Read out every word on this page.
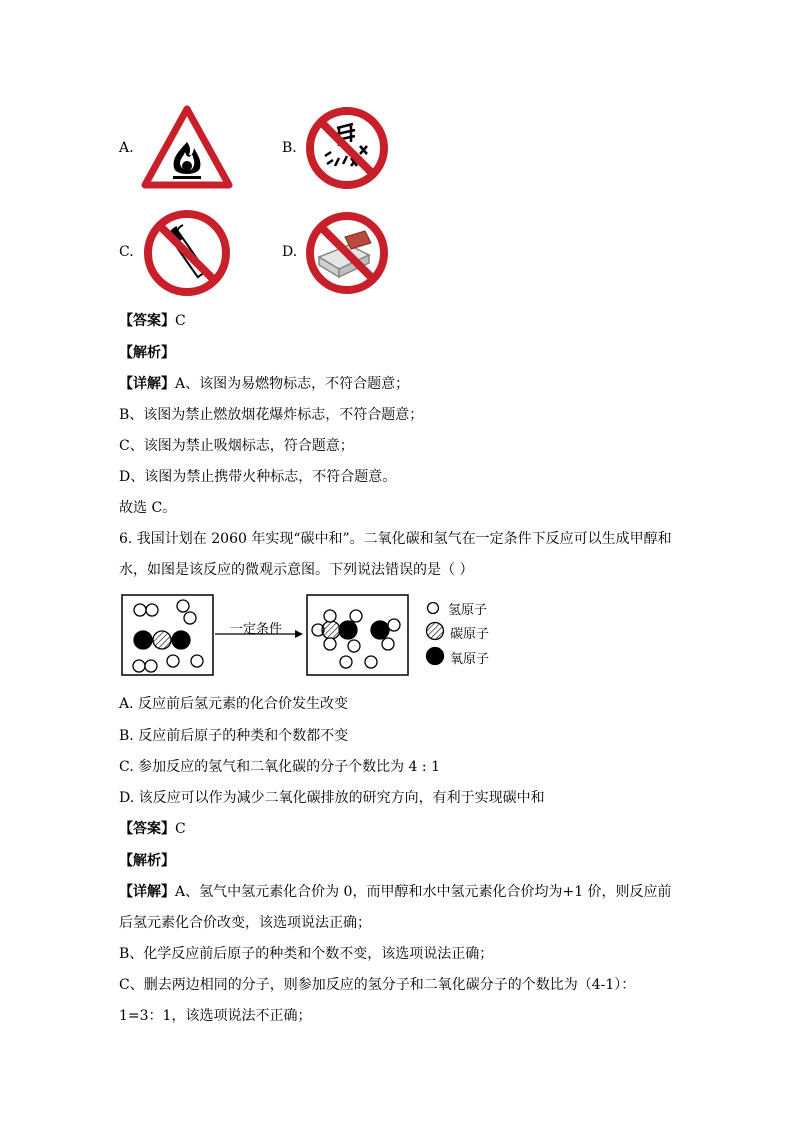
A.	B.
C.	D.
【答案】C
【解析】
【详解】A、该图为易燃物标志，不符合题意；
B、该图为禁止燃放烟花爆炸标志，不符合题意；
C、该图为禁止吸烟标志，符合题意；
D、该图为禁止携带火种标志，不符合题意。
故选 C。
6. 我国计划在 2060 年实现“碳中和”。二氧化碳和氢气在一定条件下反应可以生成甲醇和
水，如图是该反应的微观示意图。下列说法错误的是（ ）
一定条件
氢原子
碳原子
氧原子
A. 反应前后氢元素的化合价发生改变
B. 反应前后原子的种类和个数都不变
C. 参加反应的氢气和二氧化碳的分子个数比为 4 : 1
D. 该反应可以作为减少二氧化碳排放的研究方向，有利于实现碳中和
【答案】C
【解析】
【详解】A、氢气中氢元素化合价为 0，而甲醇和水中氢元素化合价均为+1 价，则反应前
后氢元素化合价改变，该选项说法正确；
B、化学反应前后原子的种类和个数不变，该选项说法正确；
C、删去两边相同的分子，则参加反应的氢分子和二氧化碳分子的个数比为（4-1）：
1=3：1，该选项说法不正确；
